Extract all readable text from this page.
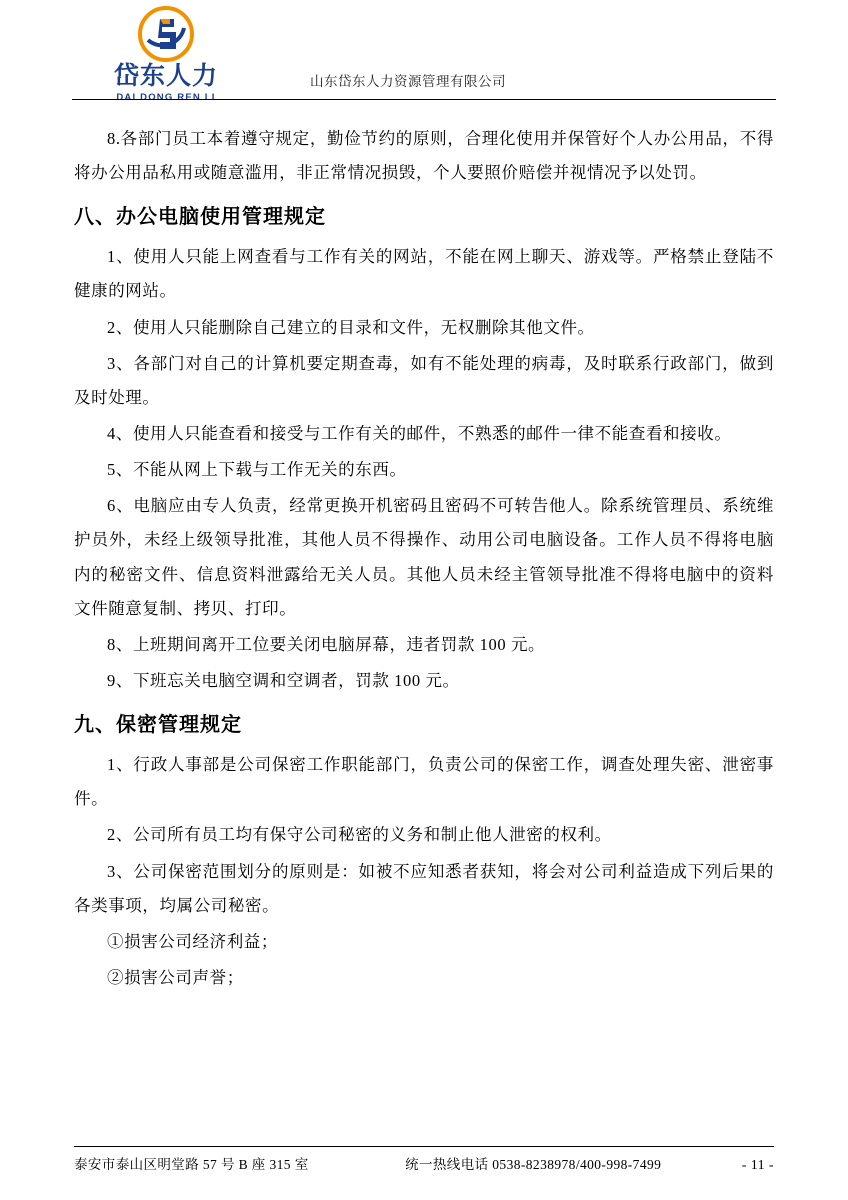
岱东人力
DAI DONG REN LI
山东岱东人力资源管理有限公司

8.各部门员工本着遵守规定，勤俭节约的原则，合理化使用并保管好个人办公用品，不得将办公用品私用或随意滥用，非正常情况损毁，个人要照价赔偿并视情况予以处罚。

八、办公电脑使用管理规定

1、使用人只能上网查看与工作有关的网站，不能在网上聊天、游戏等。严格禁止登陆不健康的网站。

2、使用人只能删除自己建立的目录和文件，无权删除其他文件。

3、各部门对自己的计算机要定期查毒，如有不能处理的病毒，及时联系行政部门，做到及时处理。

4、使用人只能查看和接受与工作有关的邮件，不熟悉的邮件一律不能查看和接收。

5、不能从网上下载与工作无关的东西。

6、电脑应由专人负责，经常更换开机密码且密码不可转告他人。除系统管理员、系统维护员外，未经上级领导批准，其他人员不得操作、动用公司电脑设备。工作人员不得将电脑内的秘密文件、信息资料泄露给无关人员。其他人员未经主管领导批准不得将电脑中的资料文件随意复制、拷贝、打印。

8、上班期间离开工位要关闭电脑屏幕，违者罚款 100 元。

9、下班忘关电脑空调和空调者，罚款 100 元。

九、保密管理规定

1、行政人事部是公司保密工作职能部门，负责公司的保密工作，调查处理失密、泄密事件。

2、公司所有员工均有保守公司秘密的义务和制止他人泄密的权利。

3、公司保密范围划分的原则是：如被不应知悉者获知，将会对公司利益造成下列后果的各类事项，均属公司秘密。

①损害公司经济利益；

②损害公司声誉；

泰安市泰山区明堂路 57 号 B 座 315 室	统一热线电话 0538-8238978/400-998-7499	- 11 -
